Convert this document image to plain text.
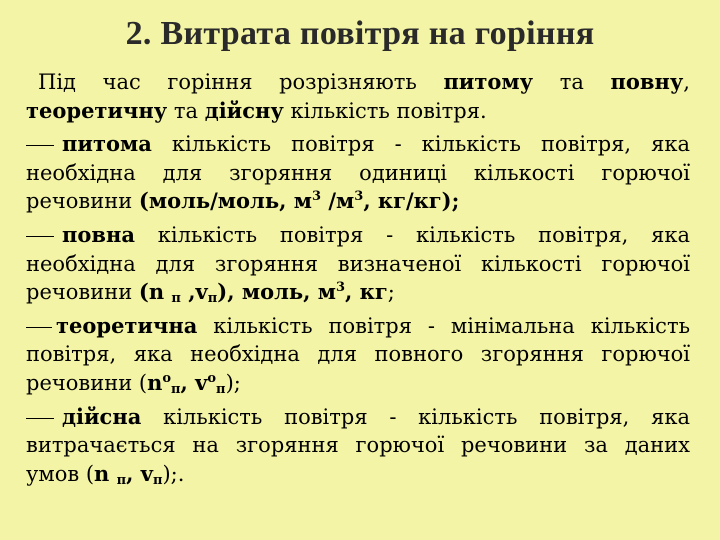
2. Витрата повітря на горіння
Під час горіння розрізняють питому та повну,
теоретичну та дійсну кількість повітря.
питома кількість повітря - кількість повітря, яка
необхідна для згоряння одиниці кількості горючої
речовини (моль/моль, $м^3$ $/м^3$, кг/кг);
повна кількість повітря - кількість повітря, яка
необхідна для згоряння визначеної кількості горючої
речовини (n $_п$ $,v_п$), моль, $м^3$, кг;
теоретична кількість повітря - мінімальна кількість
повітря, яка необхідна для повного згоряння горючої
речовини ($n^о_п$, $v^о_п$);
дійсна кількість повітря - кількість повітря, яка
витрачається на згоряння горючої речовини за даних
умов (n $_п$, $v_п$);.
